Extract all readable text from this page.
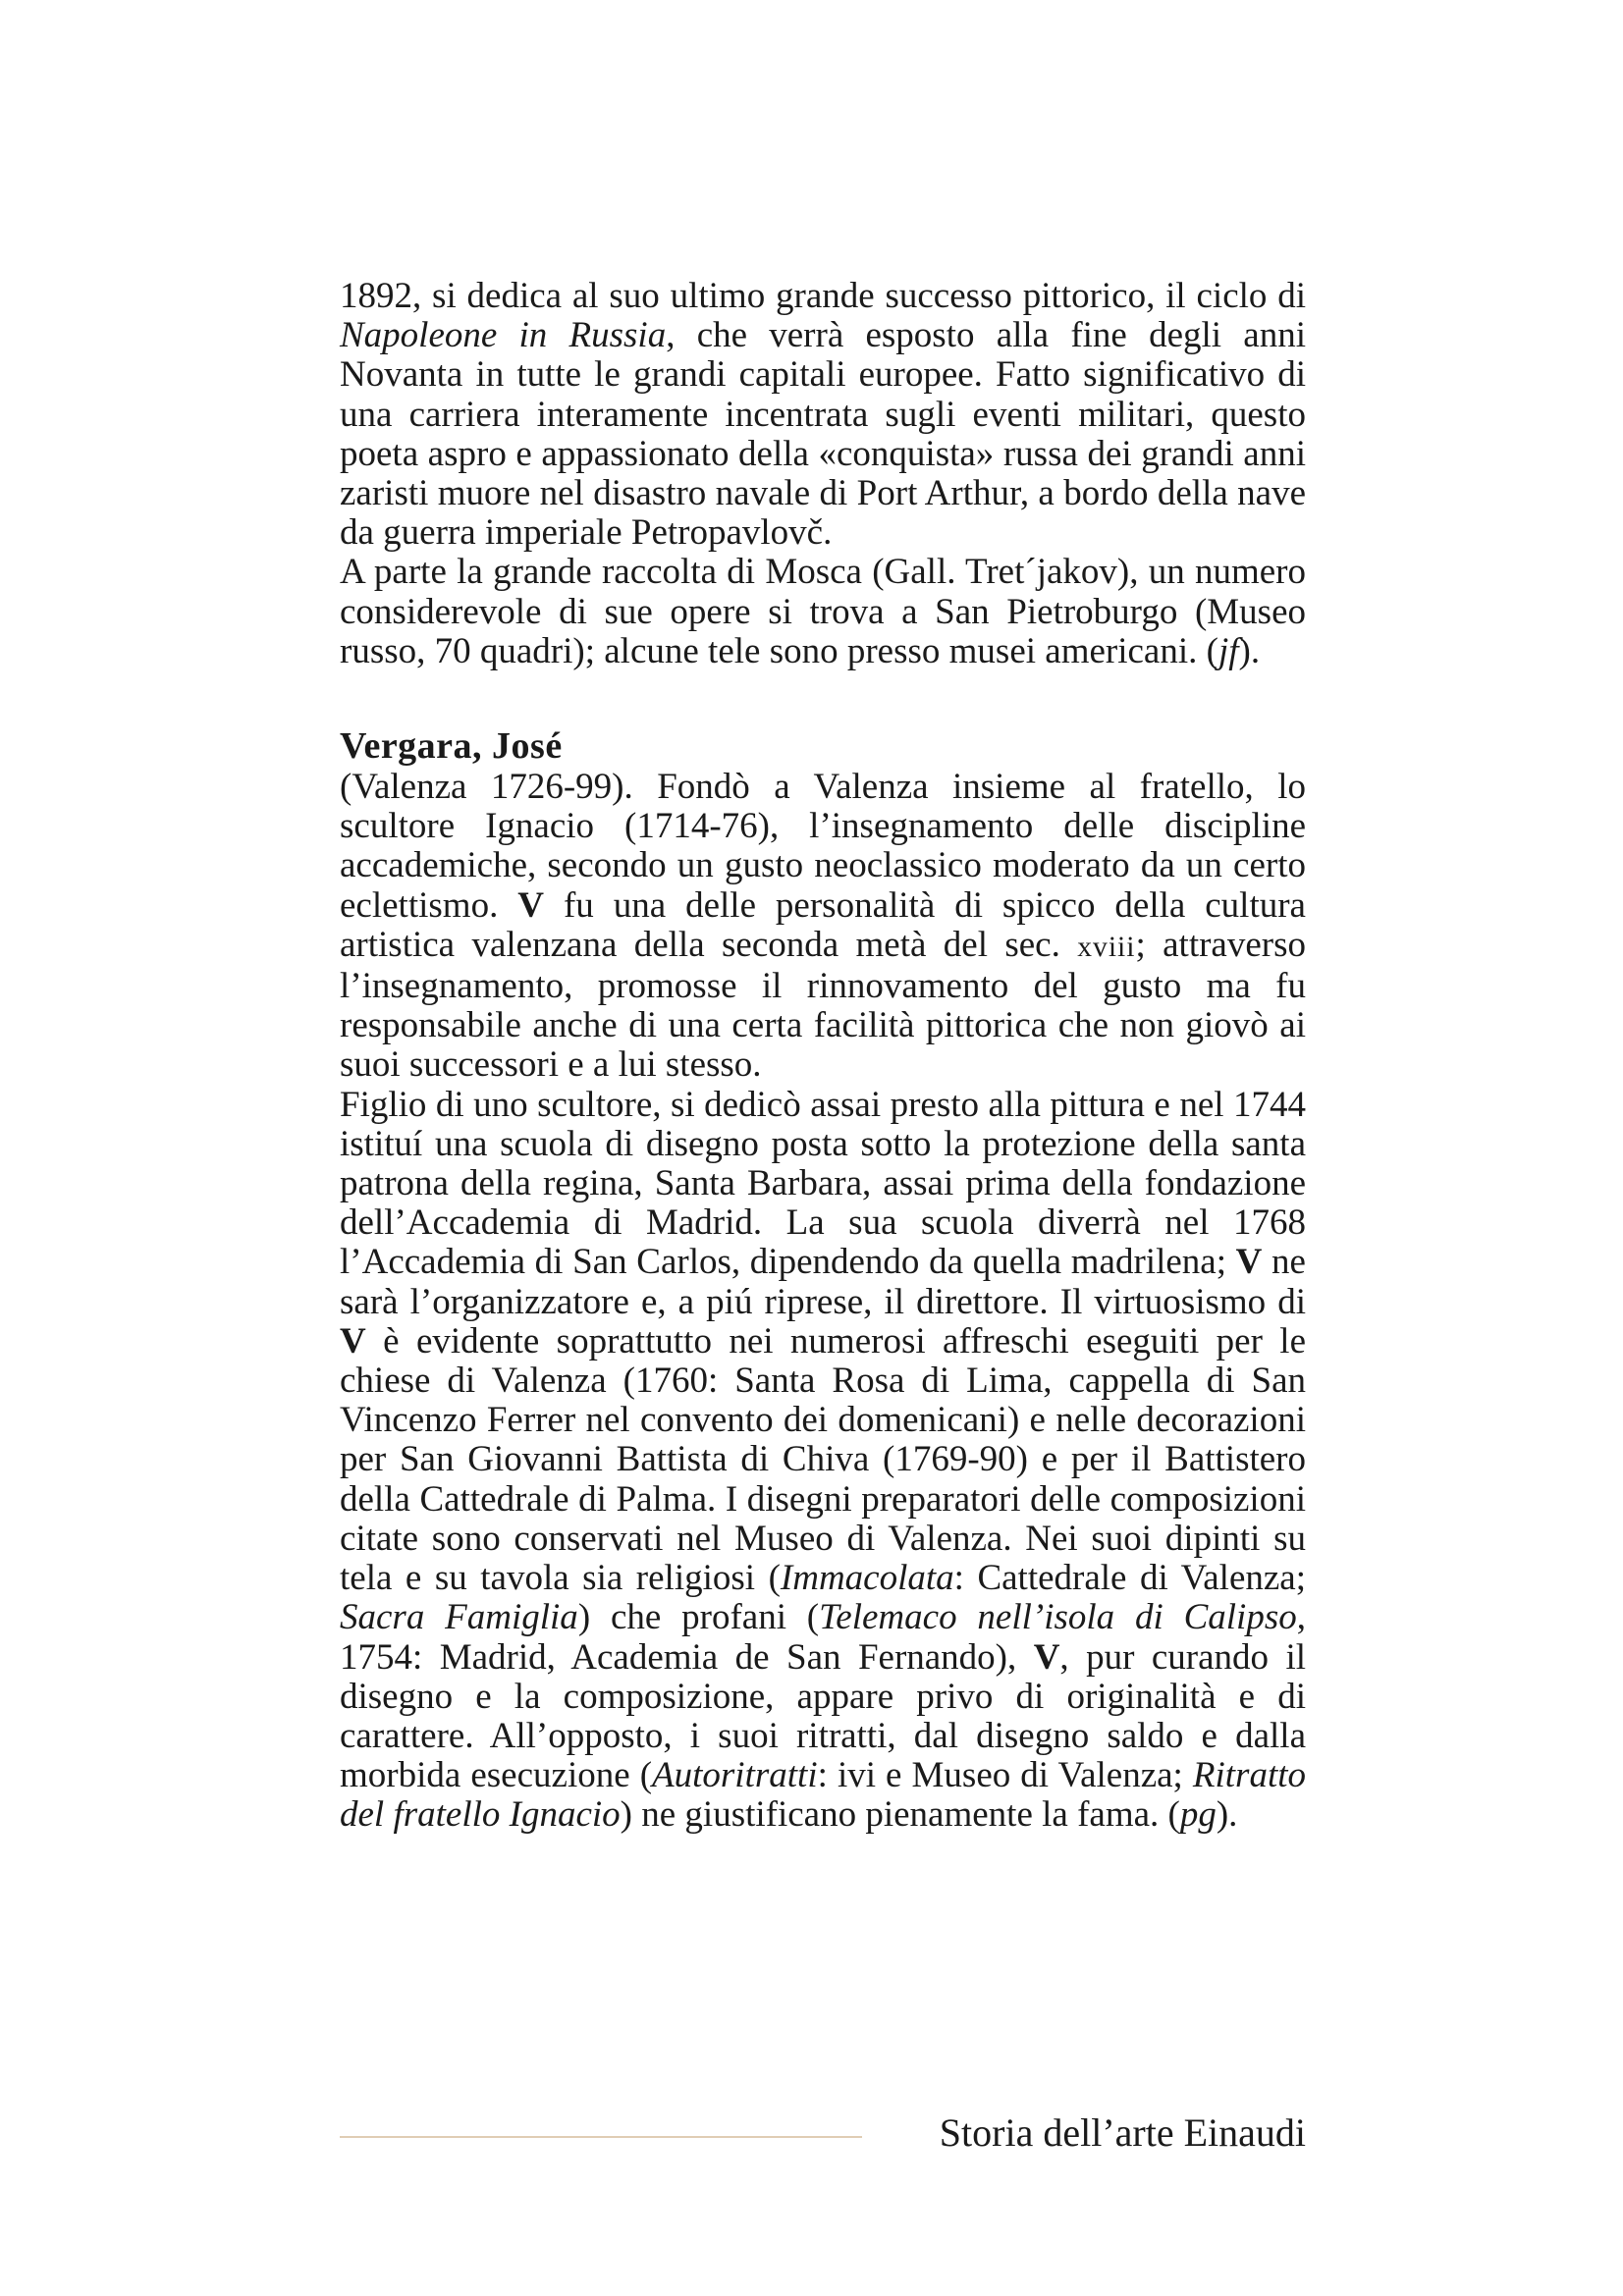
1892, si dedica al suo ultimo grande successo pittorico, il ciclo di Napoleone in Russia, che verrà esposto alla fine degli anni Novanta in tutte le grandi capitali europee. Fatto significativo di una carriera interamente incentrata sugli eventi militari, questo poeta aspro e appassionato della «conquista» russa dei grandi anni zaristi muore nel disastro navale di Port Arthur, a bordo della nave da guerra imperiale Petropavlovč.

A parte la grande raccolta di Mosca (Gall. Tret´jakov), un numero considerevole di sue opere si trova a San Pietroburgo (Museo russo, 70 quadri); alcune tele sono presso musei americani. (jf).

Vergara, José

(Valenza 1726-99). Fondò a Valenza insieme al fratello, lo scultore Ignacio (1714-76), l’insegnamento delle discipline accademiche, secondo un gusto neoclassico moderato da un certo eclettismo. V fu una delle personalità di spicco della cultura artistica valenzana della seconda metà del sec. xviii; attraverso l’insegnamento, promosse il rinnovamento del gusto ma fu responsabile anche di una certa facilità pittorica che non giovò ai suoi successori e a lui stesso.

Figlio di uno scultore, si dedicò assai presto alla pittura e nel 1744 istituí una scuola di disegno posta sotto la protezione della santa patrona della regina, Santa Barbara, assai prima della fondazione dell’Accademia di Madrid. La sua scuola diverrà nel 1768 l’Accademia di San Carlos, dipendendo da quella madrilena; V ne sarà l’organizzatore e, a piú riprese, il direttore. Il virtuosismo di V è evidente soprattutto nei numerosi affreschi eseguiti per le chiese di Valenza (1760: Santa Rosa di Lima, cappella di San Vincenzo Ferrer nel convento dei domenicani) e nelle decorazioni per San Giovanni Battista di Chiva (1769-90) e per il Battistero della Cattedrale di Palma. I disegni preparatori delle composizioni citate sono conservati nel Museo di Valenza. Nei suoi dipinti su tela e su tavola sia religiosi (Immacolata: Cattedrale di Valenza; Sacra Famiglia) che profani (Telemaco nell’isola di Calipso, 1754: Madrid, Academia de San Fernando), V, pur curando il disegno e la composizione, appare privo di originalità e di carattere. All’opposto, i suoi ritratti, dal disegno saldo e dalla morbida esecuzione (Autoritratti: ivi e Museo di Valenza; Ritratto del fratello Ignacio) ne giustificano pienamente la fama. (pg).

Storia dell’arte Einaudi
